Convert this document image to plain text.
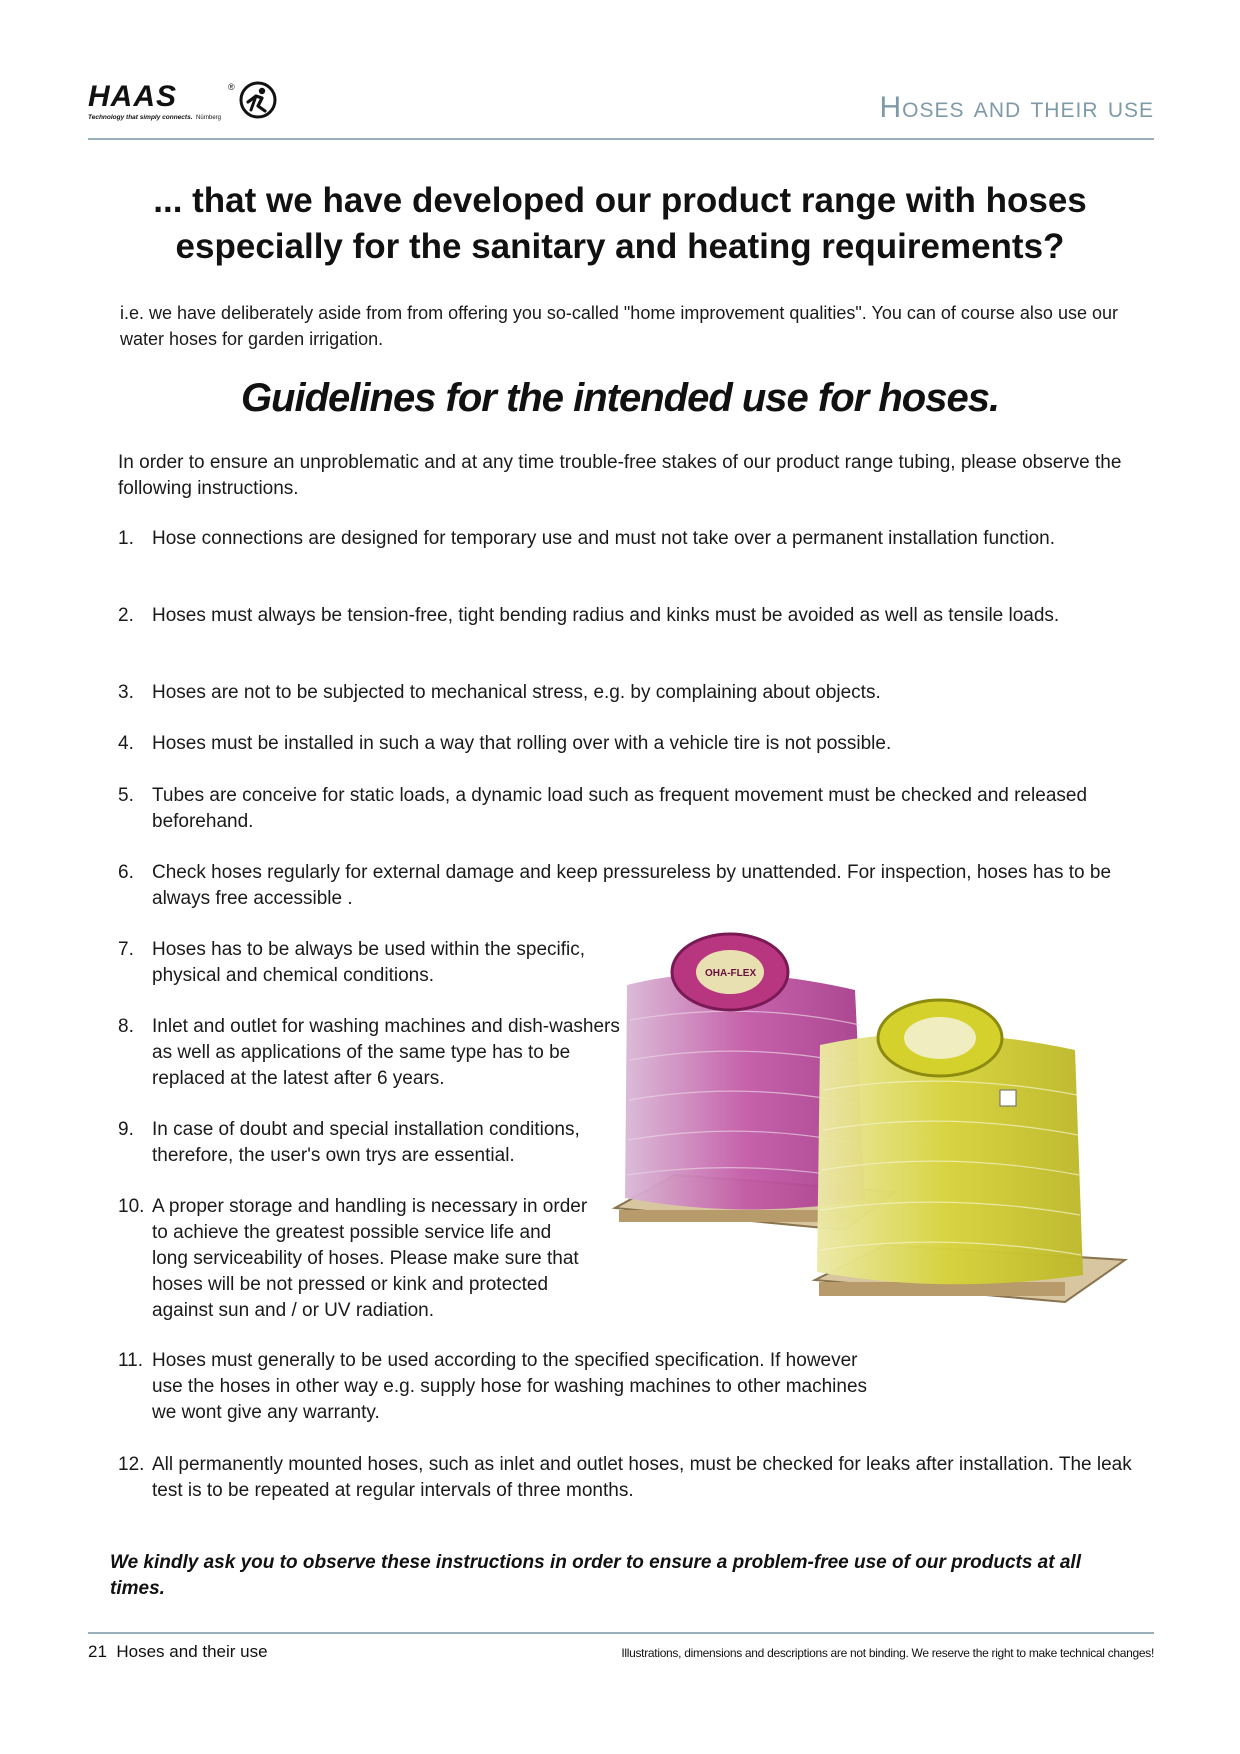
HAAS	®
Technology that simply connects. Nürnberg	Hoses and their use
... that we have developed our product range with hoses especially for the sanitary and heating requirements?
i.e. we have deliberately aside from from offering you so-called "home improvement qualities". You can of course also use our water hoses for garden irrigation.
Guidelines for the intended use for hoses.
In order to ensure an unproblematic and at any time trouble-free stakes of our product range tubing, please observe the following instructions.
1. Hose connections are designed for temporary use and must not take over a permanent installation function.
2. Hoses must always be tension-free, tight bending radius and kinks must be avoided as well as tensile loads.
3. Hoses are not to be subjected to mechanical stress, e.g. by complaining about objects.
4. Hoses must be installed in such a way that rolling over with a vehicle tire is not possible.
5. Tubes are conceive for static loads, a dynamic load such as frequent movement must be checked and released beforehand.
6. Check hoses regularly for external damage and keep pressureless by unattended. For inspection, hoses has to be always free accessible .
7. Hoses has to be always be used within the specific, physical and chemical conditions.
8. Inlet and outlet for washing machines and dish-washers as well as applications of the same type has to be replaced at the latest after 6 years.
9. In case of doubt and special installation conditions, therefore, the user's own trys are essential.
10. A proper storage and handling is necessary in order to achieve the greatest possible service life and long serviceability of hoses. Please make sure that hoses will be not pressed or kink and protected against sun and / or UV radiation.
11. Hoses must generally to be used according to the specified specification. If however use the hoses in other way e.g. supply hose for washing machines to other machines we wont give any warranty.
12. All permanently mounted hoses, such as inlet and outlet hoses, must be checked for leaks after installation. The leak test is to be repeated at regular intervals of three months.
OHA-FLEX
We kindly ask you to observe these instructions in order to ensure a problem-free use of our products at all times.
21 Hoses and their use	Illustrations, dimensions and descriptions are not binding. We reserve the right to make technical changes!
